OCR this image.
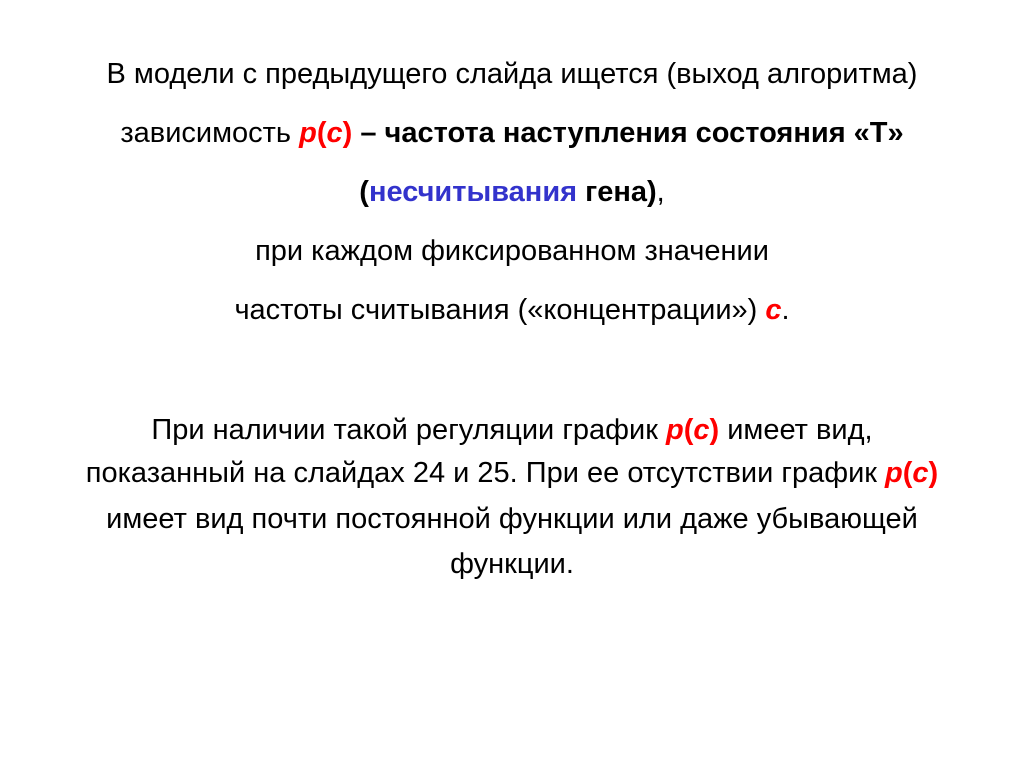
В модели с предыдущего слайда ищется (выход алгоритма)
зависимость p(c) – частота наступления состояния «Т»
(несчитывания гена),
при каждом фиксированном значении
частоты считывания («концентрации») c.
При наличии такой регуляции график p(c) имеет вид,
показанный на слайдах 24 и 25. При ее отсутствии график p(c)
имеет вид почти постоянной функции или даже убывающей
функции.
